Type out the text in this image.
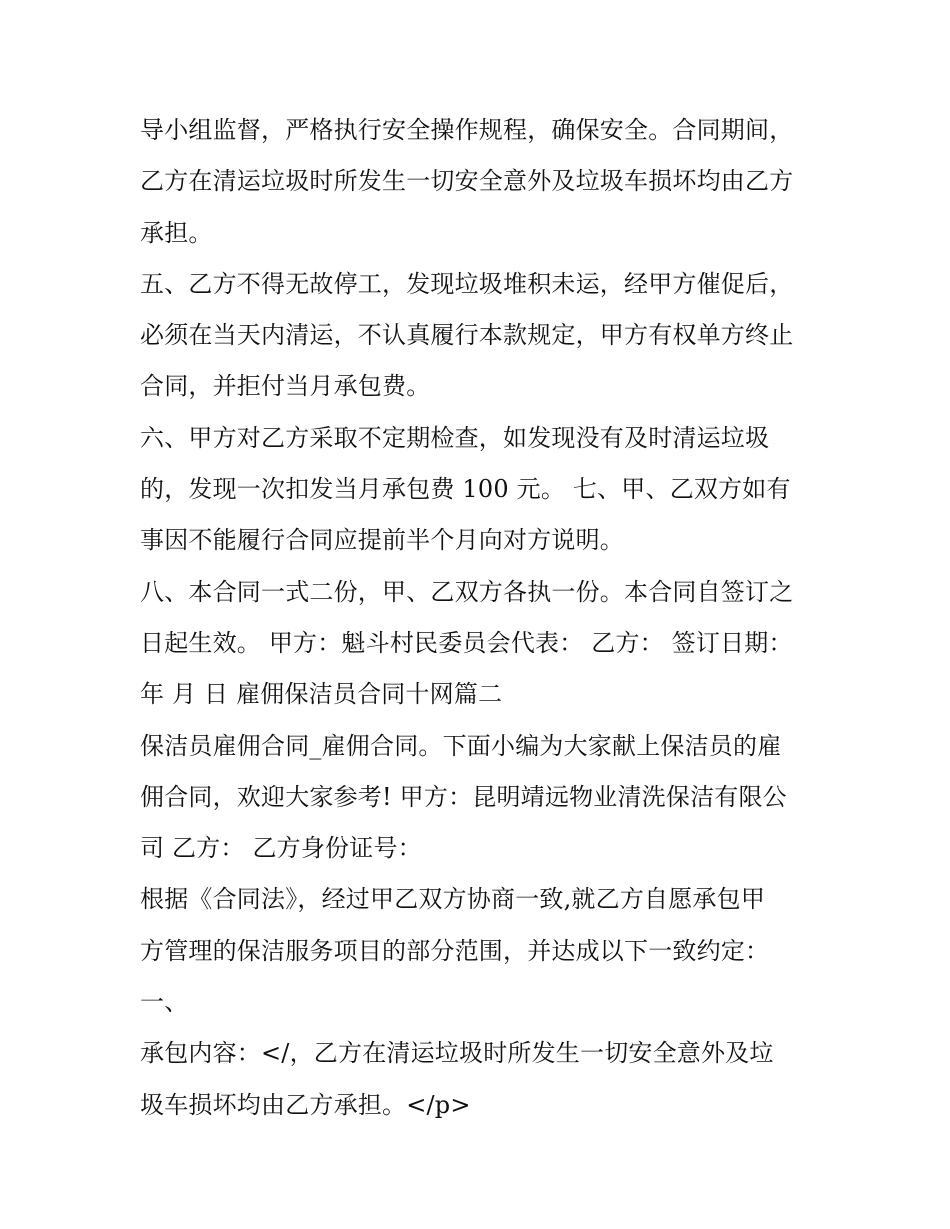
导小组监督，严格执行安全操作规程，确保安全。合同期间，
乙方在清运垃圾时所发生一切安全意外及垃圾车损坏均由乙方
承担。
五、乙方不得无故停工，发现垃圾堆积未运，经甲方催促后，
必须在当天内清运，不认真履行本款规定，甲方有权单方终止
合同，并拒付当月承包费。
六、甲方对乙方采取不定期检查，如发现没有及时清运垃圾
的，发现一次扣发当月承包费 100 元。 七、甲、乙双方如有
事因不能履行合同应提前半个月向对方说明。
八、本合同一式二份，甲、乙双方各执一份。本合同自签订之
日起生效。 甲方：魁斗村民委员会代表： 乙方： 签订日期：
年 月 日 雇佣保洁员合同十网篇二
保洁员雇佣合同_雇佣合同。下面小编为大家献上保洁员的雇
佣合同，欢迎大家参考! 甲方：昆明靖远物业清洗保洁有限公
司 乙方： 乙方身份证号：
根据《合同法》，经过甲乙双方协商一致,就乙方自愿承包甲
方管理的保洁服务项目的部分范围，并达成以下一致约定：
一、
承包内容：</，乙方在清运垃圾时所发生一切安全意外及垃
圾车损坏均由乙方承担。</p>
